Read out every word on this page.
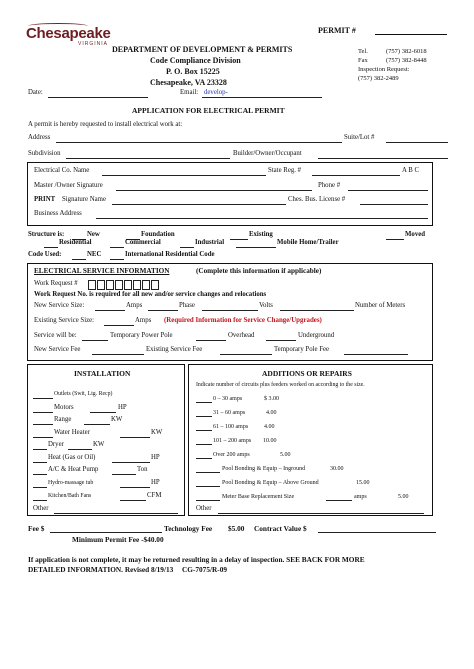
Chesapeake
VIRGINIA
PERMIT #
DEPARTMENT OF DEVELOPMENT & PERMITS
Code Compliance Division
P. O. Box 15225
Chesapeake, VA 23328
Tel.	(757) 382-6018
Fax	(757) 382-8448
Inspection Request:
(757) 382-2489
Date:	Email: develop-
APPLICATION FOR ELECTRICAL PERMIT
A permit is hereby requested to install electrical work at:
Address	Suite/Lot #
Subdivision	Builder/Owner/Occupant
Electrical Co. Name	State Reg. #	A B C
Master /Owner Signature	Phone #
PRINT Signature Name	Ches. Bus. License #
Business Address
Structure is:	New	Foundation	Existing	Moved
Residential	Commercial	Industrial	Mobile Home/Trailer
Code Used:	NEC	International Residential Code
ELECTRICAL SERVICE INFORMATION	(Complete this information if applicable)
Work Request #
Work Request No. is required for all new and/or service changes and relocations
New Service Size:	Amps	Phase	Volts	Number of Meters
Existing Service Size:	Amps (Required Information for Service Change/Upgrades)
Service will be:	Temporary Power Pole	Overhead	Underground
New Service Fee	Existing Service Fee	Temporary Pole Fee
INSTALLATION
Outlets (Swit, Ltg. Recp)
Motors	HP
Range	KW
Water Heater	KW
Dryer	KW
Heat (Gas or Oil)	HP
A/C & Heat Pump	Ton
Hydro-massage tub	HP
Kitchen/Bath Fans	CFM
Other
ADDITIONS OR REPAIRS
Indicate number of circuits plus feeders worked on according to the size.
0 – 30 amps	$ 3.00
31 – 60 amps	4.00
61 – 100 amps	4.00
101 – 200 amps 10.00
Over 200 amps	5.00
Pool Bonding & Equip – Inground	30.00
Pool Bonding & Equip – Above Ground	15.00
Meter Base Replacement Size	amps	5.00
Other
Fee $	Technology Fee $5.00 Contract Value $
Minimum Permit Fee -$40.00
If application is not complete, it may be returned resulting in a delay of inspection. SEE BACK FOR MORE
DETAILED INFORMATION. Revised 8/19/13 CG-7075/R-09
